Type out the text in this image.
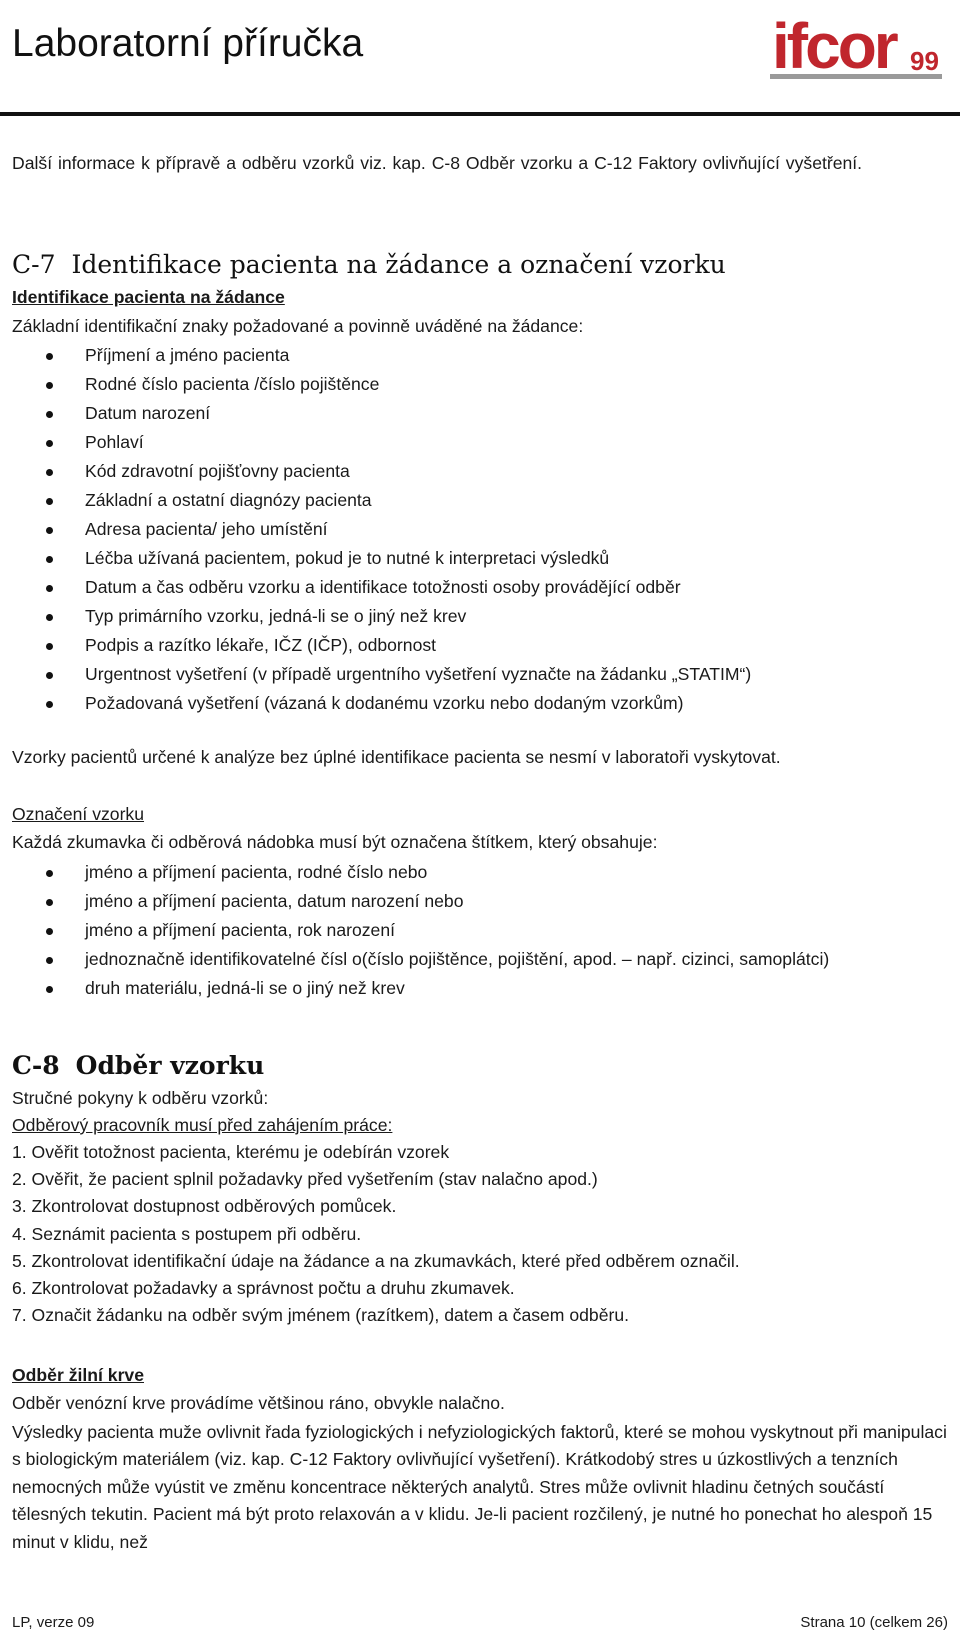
Laboratorní příručka	ifcor 99
Další informace k přípravě a odběru vzorků viz. kap. C-8 Odběr vzorku a C-12 Faktory ovlivňující vyšetření.
C-7 Identifikace pacienta na žádance a označení vzorku
Identifikace pacienta na žádance
Základní identifikační znaky požadované a povinně uváděné na žádance:
Příjmení a jméno pacienta
Rodné číslo pacienta /číslo pojištěnce
Datum narození
Pohlaví
Kód zdravotní pojišťovny pacienta
Základní a ostatní diagnózy pacienta
Adresa pacienta/ jeho umístění
Léčba užívaná pacientem, pokud je to nutné k interpretaci výsledků
Datum a čas odběru vzorku a identifikace totožnosti osoby provádějící odběr
Typ primárního vzorku, jedná-li se o jiný než krev
Podpis a razítko lékaře, IČZ (IČP), odbornost
Urgentnost vyšetření (v případě urgentního vyšetření vyznačte na žádanku „STATIM“)
Požadovaná vyšetření (vázaná k dodanému vzorku nebo dodaným vzorkům)
Vzorky pacientů určené k analýze bez úplné identifikace pacienta se nesmí v laboratoři vyskytovat.
Označení vzorku
Každá zkumavka či odběrová nádobka musí být označena štítkem, který obsahuje:
jméno a příjmení pacienta, rodné číslo nebo
jméno a příjmení pacienta, datum narození nebo
jméno a příjmení pacienta, rok narození
jednoznačně identifikovatelné čísl o(číslo pojištěnce, pojištění, apod. – např. cizinci, samoplátci)
druh materiálu, jedná-li se o jiný než krev
C-8 Odběr vzorku
Stručné pokyny k odběru vzorků:
Odběrový pracovník musí před zahájením práce:
1. Ověřit totožnost pacienta, kterému je odebírán vzorek
2. Ověřit, že pacient splnil požadavky před vyšetřením (stav nalačno apod.)
3. Zkontrolovat dostupnost odběrových pomůcek.
4. Seznámit pacienta s postupem při odběru.
5. Zkontrolovat identifikační údaje na žádance a na zkumavkách, které před odběrem označil.
6. Zkontrolovat požadavky a správnost počtu a druhu zkumavek.
7. Označit žádanku na odběr svým jménem (razítkem), datem a časem odběru.
Odběr žilní krve
Odběr venózní krve provádíme většinou ráno, obvykle nalačno.
Výsledky pacienta muže ovlivnit řada fyziologických i nefyziologických faktorů, které se mohou vyskytnout při manipulaci s biologickým materiálem (viz. kap. C-12 Faktory ovlivňující vyšetření). Krátkodobý stres u úzkostlivých a tenzních nemocných může vyústit ve změnu koncentrace některých analytů. Stres může ovlivnit hladinu četných součástí tělesných tekutin. Pacient má být proto relaxován a v klidu. Je-li pacient rozčilený, je nutné ho ponechat ho alespoň 15 minut v klidu, než
LP, verze 09	Strana 10 (celkem 26)
